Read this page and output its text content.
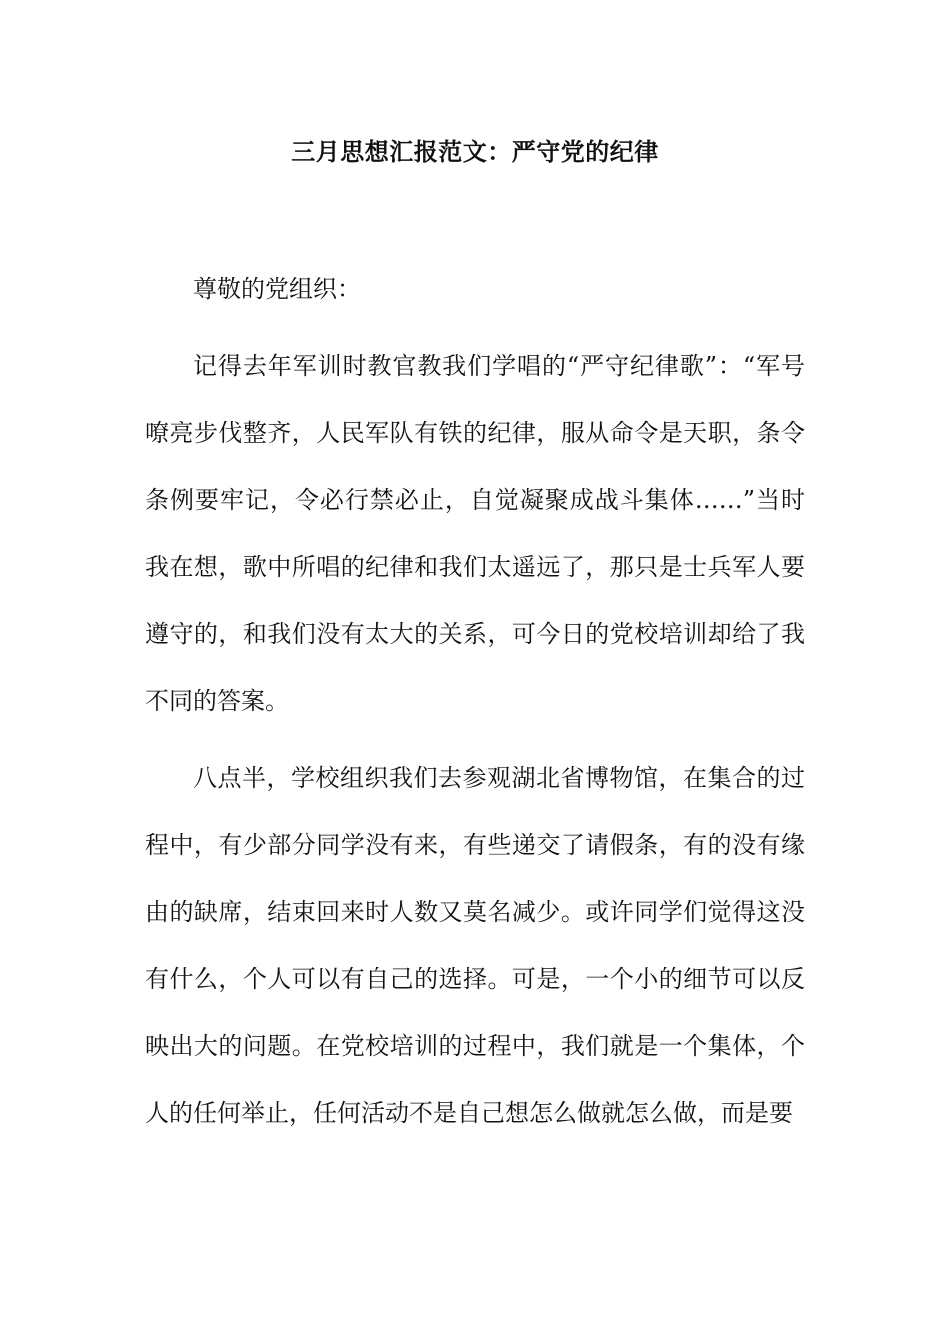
三月思想汇报范文：严守党的纪律

尊敬的党组织：

记得去年军训时教官教我们学唱的“严守纪律歌”：“军号嘹亮步伐整齐，人民军队有铁的纪律，服从命令是天职，条令条例要牢记，令必行禁必止，自觉凝聚成战斗集体……”当时我在想，歌中所唱的纪律和我们太遥远了，那只是士兵军人要遵守的，和我们没有太大的关系，可今日的党校培训却给了我不同的答案。

八点半，学校组织我们去参观湖北省博物馆，在集合的过程中，有少部分同学没有来，有些递交了请假条，有的没有缘由的缺席，结束回来时人数又莫名减少。或许同学们觉得这没有什么，个人可以有自己的选择。可是，一个小的细节可以反映出大的问题。在党校培训的过程中，我们就是一个集体，个人的任何举止，任何活动不是自己想怎么做就怎么做，而是要
